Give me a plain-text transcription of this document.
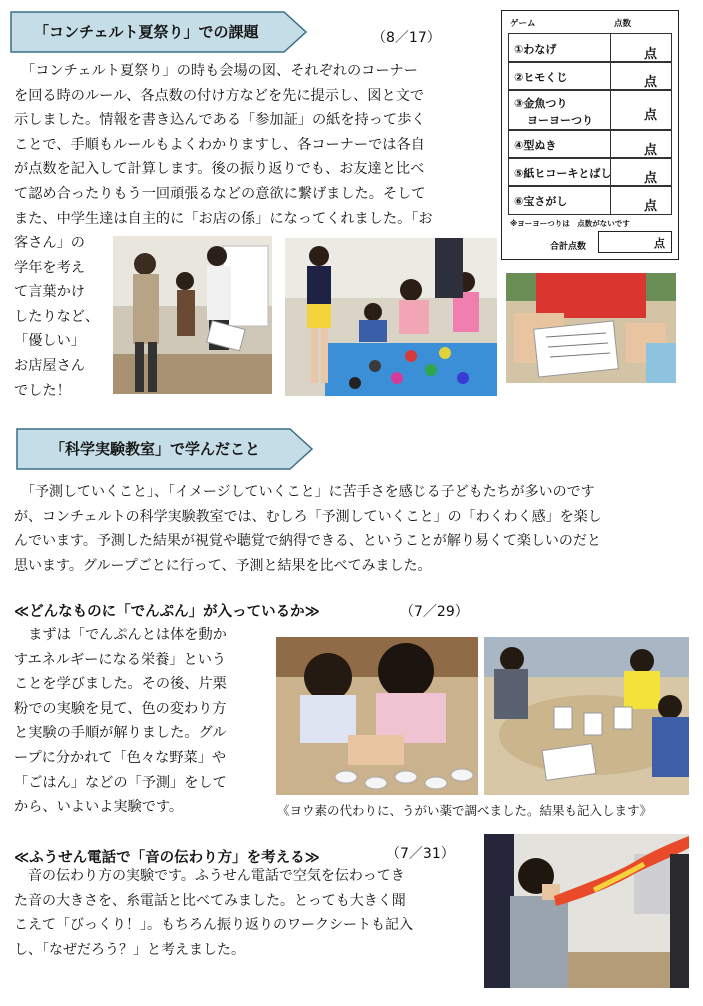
「コンチェルト夏祭り」での課題	（8／17）

　「コンチェルト夏祭り」の時も会場の図、それぞれのコーナー

を回る時のルール、各点数の付け方などを先に提示し、図と文で

示しました。情報を書き込んである「参加証」の紙を持って歩く

ことで、手順もルールもよくわかりますし、各コーナーでは各自

が点数を記入して計算します。後の振り返りでも、お友達と比べ

て認め合ったりもう一回頑張るなどの意欲に繋げました。そして

また、中学生達は自主的に「お店の係」になってくれました。「お

客さん」の

学年を考え

て言葉かけ

したりなど、

「優しい」

お店屋さん

でした！

ゲーム	点数
①わなげ	点
②ヒモくじ	点
③金魚つり
ヨーヨーつり	点
④型ぬき	点
⑤紙ヒコーキとばし	点
⑥宝さがし	点
※ヨーヨーつりは　点数がないです
合計点数	点
「科学実験教室」で学んだこと

　「予測していくこと」、「イメージしていくこと」に苦手さを感じる子どもたちが多いのです

が、コンチェルトの科学実験教室では、むしろ「予測していくこと」の「わくわく感」を楽し

んでいます。予測した結果が視覚や聴覚で納得できる、ということが解り易くて楽しいのだと

思います。グループごとに行って、予測と結果を比べてみました。

≪どんなものに「でんぷん」が入っているか≫	（7／29）

　まずは「でんぷんとは体を動か

すエネルギーになる栄養」という

ことを学びました。その後、片栗

粉での実験を見て、色の変わり方

と実験の手順が解りました。グル

ープに分かれて「色々な野菜」や

「ごはん」などの「予測」をして

から、いよいよ実験です。	《ヨウ素の代わりに、うがい薬で調べました。結果も記入します》
≪ふうせん電話で「音の伝わり方」を考える≫	（7／31）

　音の伝わり方の実験です。ふうせん電話で空気を伝わってき

た音の大きさを、糸電話と比べてみました。とっても大きく聞

こえて「びっくり！」。もちろん振り返りのワークシートも記入

し、「なぜだろう？」と考えました。
